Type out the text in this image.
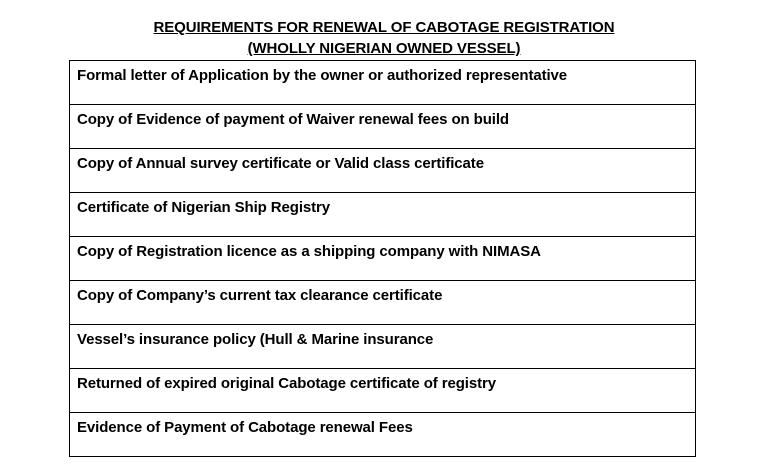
REQUIREMENTS FOR RENEWAL OF CABOTAGE REGISTRATION
(WHOLLY NIGERIAN OWNED VESSEL)
Formal letter of Application by the owner or authorized representative

Copy of Evidence of payment of Waiver renewal fees on build

Copy of Annual survey certificate or Valid class certificate

Certificate of Nigerian Ship Registry

Copy of Registration licence as a shipping company with NIMASA

Copy of Company’s current tax clearance certificate

Vessel’s insurance policy (Hull & Marine insurance

Returned of expired original Cabotage certificate of registry

Evidence of Payment of Cabotage renewal Fees
